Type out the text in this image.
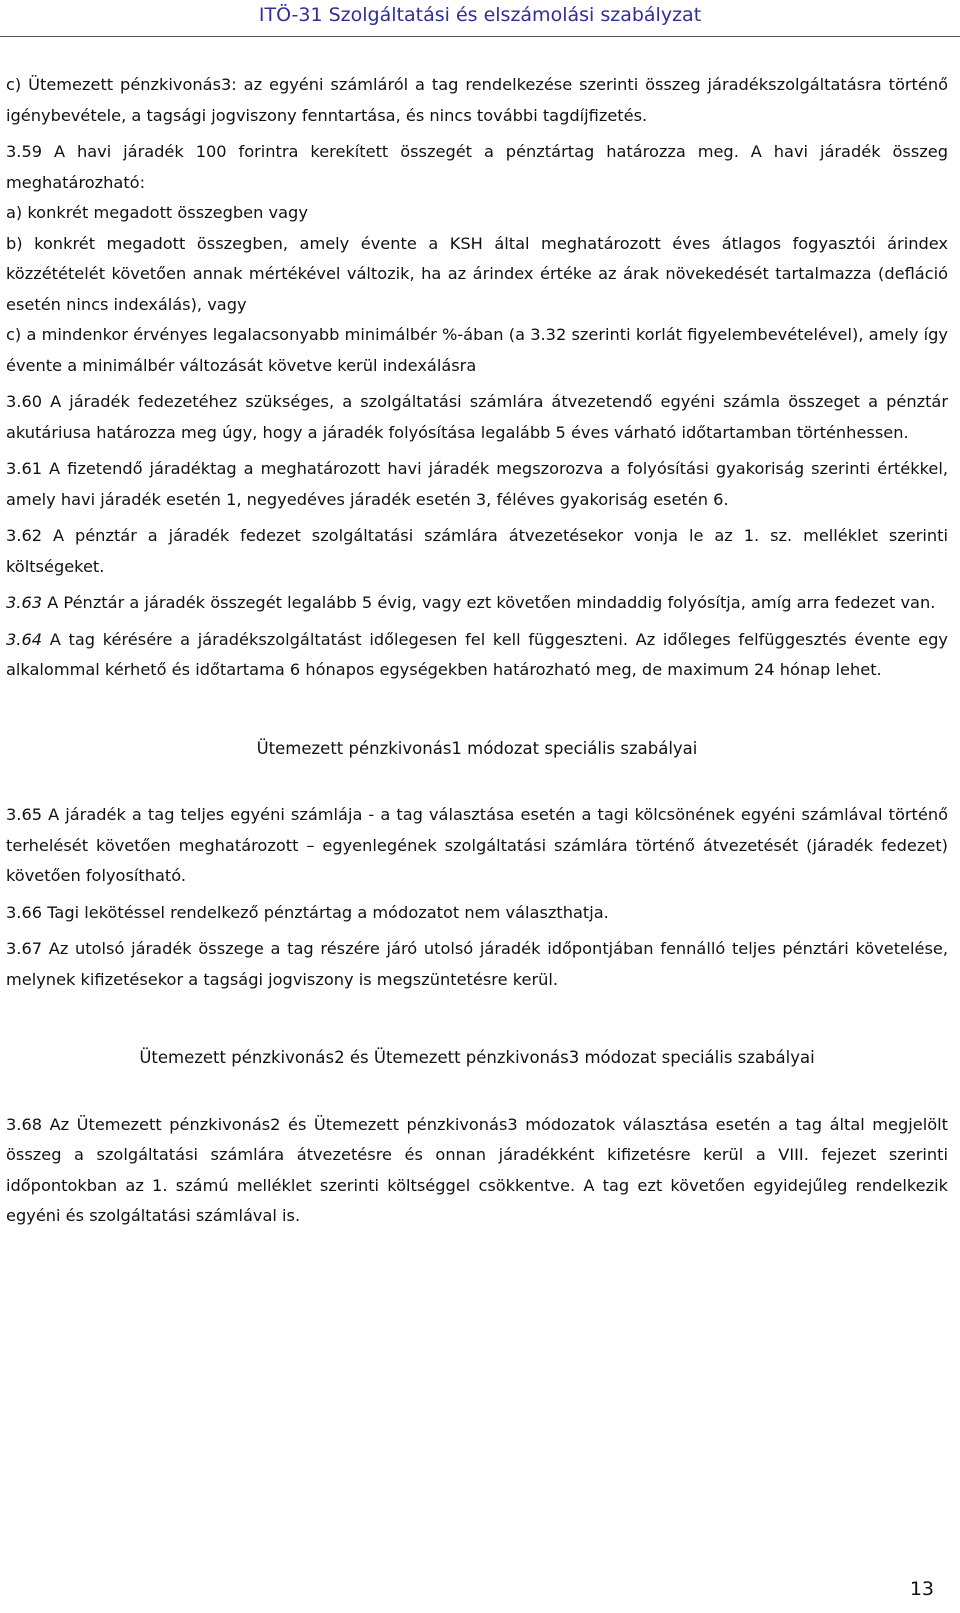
ITÖ-31 Szolgáltatási és elszámolási szabályzat

c) Ütemezett pénzkivonás3: az egyéni számláról a tag rendelkezése szerinti összeg járadékszolgáltatásra történő igénybevétele, a tagsági jogviszony fenntartása, és nincs további tagdíjfizetés.

3.59 A havi járadék 100 forintra kerekített összegét a pénztártag határozza meg. A havi járadék összeg meghatározható:

a) konkrét megadott összegben vagy

b) konkrét megadott összegben, amely évente a KSH által meghatározott éves átlagos fogyasztói árindex közzétételét követően annak mértékével változik, ha az árindex értéke az árak növekedését tartalmazza (defláció esetén nincs indexálás), vagy

c) a mindenkor érvényes legalacsonyabb minimálbér %-ában (a 3.32 szerinti korlát figyelembevételével), amely így évente a minimálbér változását követve kerül indexálásra

3.60 A járadék fedezetéhez szükséges, a szolgáltatási számlára átvezetendő egyéni számla összeget a pénztár akutáriusa határozza meg úgy, hogy a járadék folyósítása legalább 5 éves várható időtartamban történhessen.

3.61 A fizetendő járadéktag a meghatározott havi járadék megszorozva a folyósítási gyakoriság szerinti értékkel, amely havi járadék esetén 1, negyedéves járadék esetén 3, féléves gyakoriság esetén 6.

3.62 A pénztár a járadék fedezet szolgáltatási számlára átvezetésekor vonja le az 1. sz. melléklet szerinti költségeket.

3.63 A Pénztár a járadék összegét legalább 5 évig, vagy ezt követően mindaddig folyósítja, amíg arra fedezet van.

3.64 A tag kérésére a járadékszolgáltatást időlegesen fel kell függeszteni. Az időleges felfüggesztés évente egy alkalommal kérhető és időtartama 6 hónapos egységekben határozható meg, de maximum 24 hónap lehet.

Ütemezett pénzkivonás1 módozat speciális szabályai

3.65 A járadék a tag teljes egyéni számlája - a tag választása esetén a tagi kölcsönének egyéni számlával történő terhelését követően meghatározott – egyenlegének szolgáltatási számlára történő átvezetését (járadék fedezet) követően folyosítható.

3.66 Tagi lekötéssel rendelkező pénztártag a módozatot nem választhatja.

3.67 Az utolsó járadék összege a tag részére járó utolsó járadék időpontjában fennálló teljes pénztári követelése, melynek kifizetésekor a tagsági jogviszony is megszüntetésre kerül.

Ütemezett pénzkivonás2 és Ütemezett pénzkivonás3 módozat speciális szabályai

3.68 Az Ütemezett pénzkivonás2 és Ütemezett pénzkivonás3 módozatok választása esetén a tag által megjelölt összeg a szolgáltatási számlára átvezetésre és onnan járadékként kifizetésre kerül a VIII. fejezet szerinti időpontokban az 1. számú melléklet szerinti költséggel csökkentve. A tag ezt követően egyidejűleg rendelkezik egyéni és szolgáltatási számlával is.

13
